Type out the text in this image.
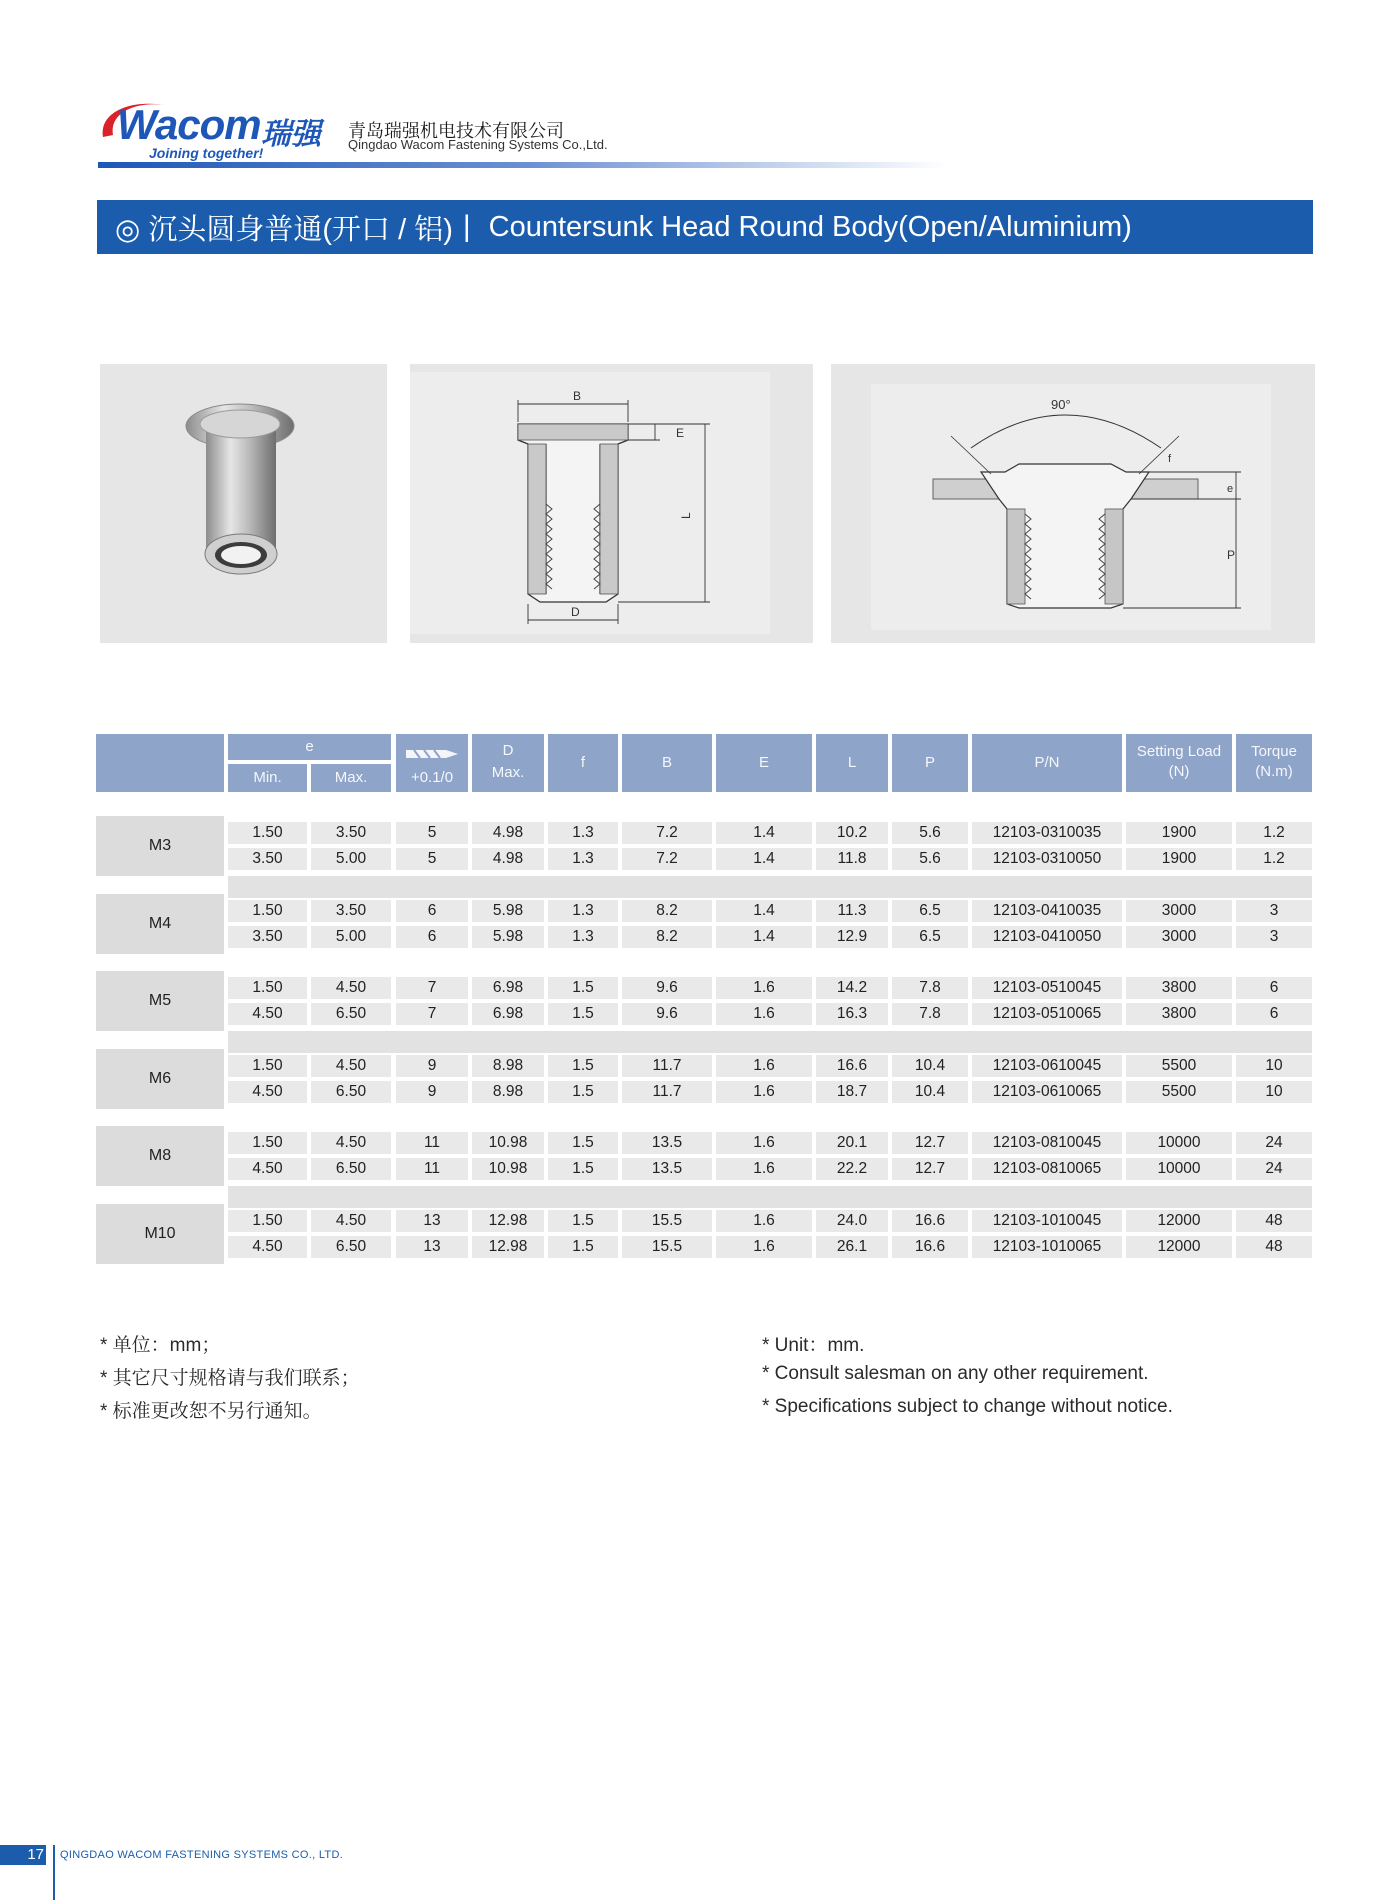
Wacom 瑞强
Joining together!
青岛瑞强机电技术有限公司
Qingdao Wacom Fastening Systems Co.,Ltd.
◎ 沉头圆身普通(开口 / 铝) | Countersunk Head Round Body(Open/Aluminium)
B
D
E
L
90°
f
e
P
e
Min.	Max.	+0.1/0
D
Max.
f	B	E	L	P	P/N
Setting Load
(N)
Torque
(N.m)
M3
1.50	3.50	5	4.98	1.3	7.2	1.4	10.2	5.6	12103-0310035	1900	1.2
3.50	5.00	5	4.98	1.3	7.2	1.4	11.8	5.6	12103-0310050	1900	1.2
M4
1.50	3.50	6	5.98	1.3	8.2	1.4	11.3	6.5	12103-0410035	3000	3
3.50	5.00	6	5.98	1.3	8.2	1.4	12.9	6.5	12103-0410050	3000	3
M5
1.50	4.50	7	6.98	1.5	9.6	1.6	14.2	7.8	12103-0510045	3800	6
4.50	6.50	7	6.98	1.5	9.6	1.6	16.3	7.8	12103-0510065	3800	6
M6
1.50	4.50	9	8.98	1.5	11.7	1.6	16.6	10.4	12103-0610045	5500	10
4.50	6.50	9	8.98	1.5	11.7	1.6	18.7	10.4	12103-0610065	5500	10
M8
1.50	4.50	11	10.98	1.5	13.5	1.6	20.1	12.7	12103-0810045	10000	24
4.50	6.50	11	10.98	1.5	13.5	1.6	22.2	12.7	12103-0810065	10000	24
M10
1.50	4.50	13	12.98	1.5	15.5	1.6	24.0	16.6	12103-1010045	12000	48
4.50	6.50	13	12.98	1.5	15.5	1.6	26.1	16.6	12103-1010065	12000	48
* 单位：mm；
* 其它尺寸规格请与我们联系；
* 标准更改恕不另行通知。
* Unit：mm.
* Consult salesman on any other requirement.
* Specifications subject to change without notice.
17 QINGDAO WACOM FASTENING SYSTEMS CO., LTD.
